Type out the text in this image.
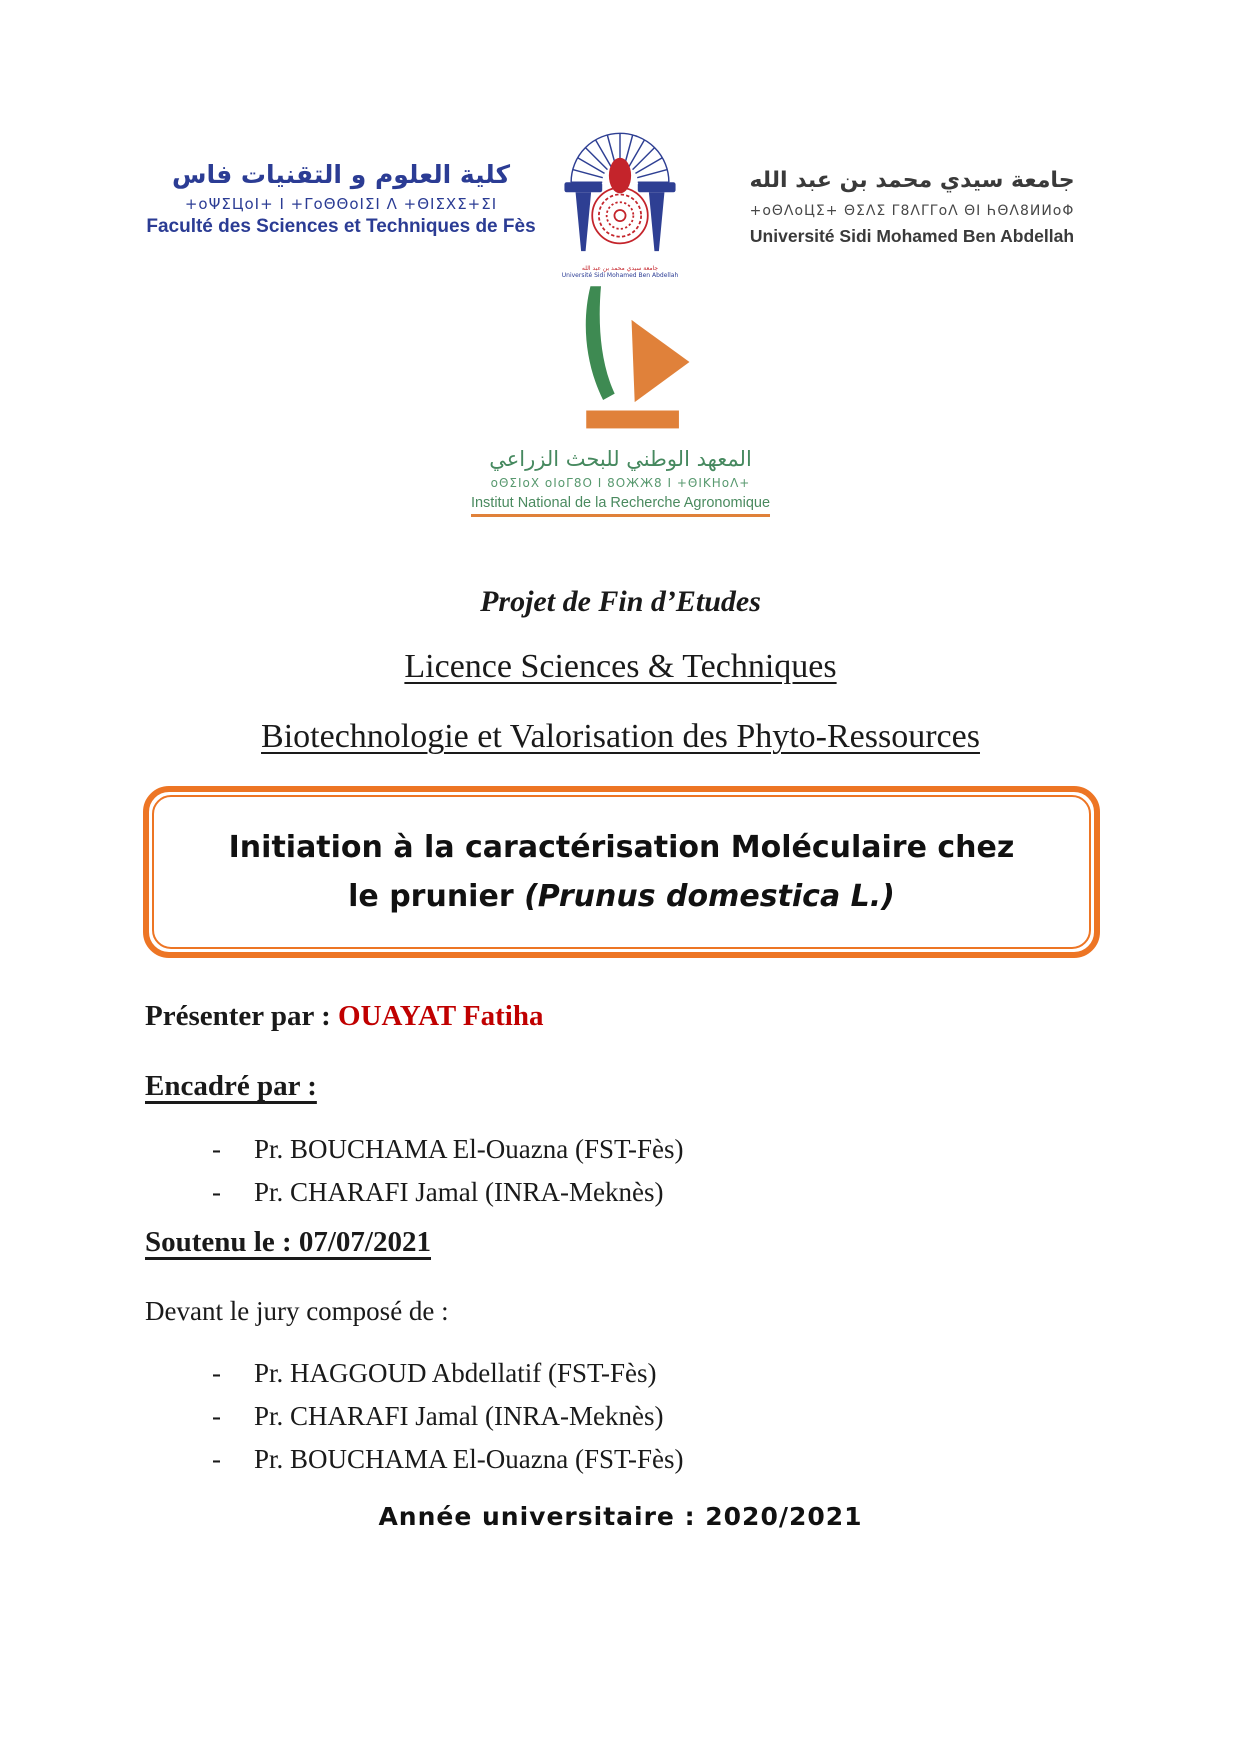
كلية العلوم و التقنيات فاس
+oΨΣЦoI+ I +ΓoΘΘoIΣI Λ +ΘIΣΧΣ+ΣI
Faculté des Sciences et Techniques de Fès
جامعة سيدي محمد بن عبد الله
Université Sidi Mohamed Ben Abdellah
جامعة سيدي محمد بن عبد الله
+oΘΛoЦΣ+ ΘΣΛΣ Γ8ΛΓΓoΛ ΘI ҺΘΛ8ИИoΦ
Université Sidi Mohamed Ben Abdellah
المعهد الوطني للبحث الزراعي
oΘΣIoΧ oIoΓ8Ο I 8ΟЖЖ8 I +ΘΙΚΗoΛ+
Institut National de la Recherche Agronomique
Projet de Fin d’Etudes
Licence Sciences & Techniques
Biotechnologie et Valorisation des Phyto-Ressources
Initiation à la caractérisation Moléculaire chez
le prunier (Prunus domestica L.)
Présenter par : OUAYAT Fatiha
Encadré par :
-	Pr. BOUCHAMA El-Ouazna (FST-Fès)
-	Pr. CHARAFI Jamal (INRA-Meknès)
Soutenu le : 07/07/2021
Devant le jury composé de :
-	Pr. HAGGOUD Abdellatif (FST-Fès)
-	Pr. CHARAFI Jamal (INRA-Meknès)
-	Pr. BOUCHAMA El-Ouazna (FST-Fès)
Année universitaire : 2020/2021
